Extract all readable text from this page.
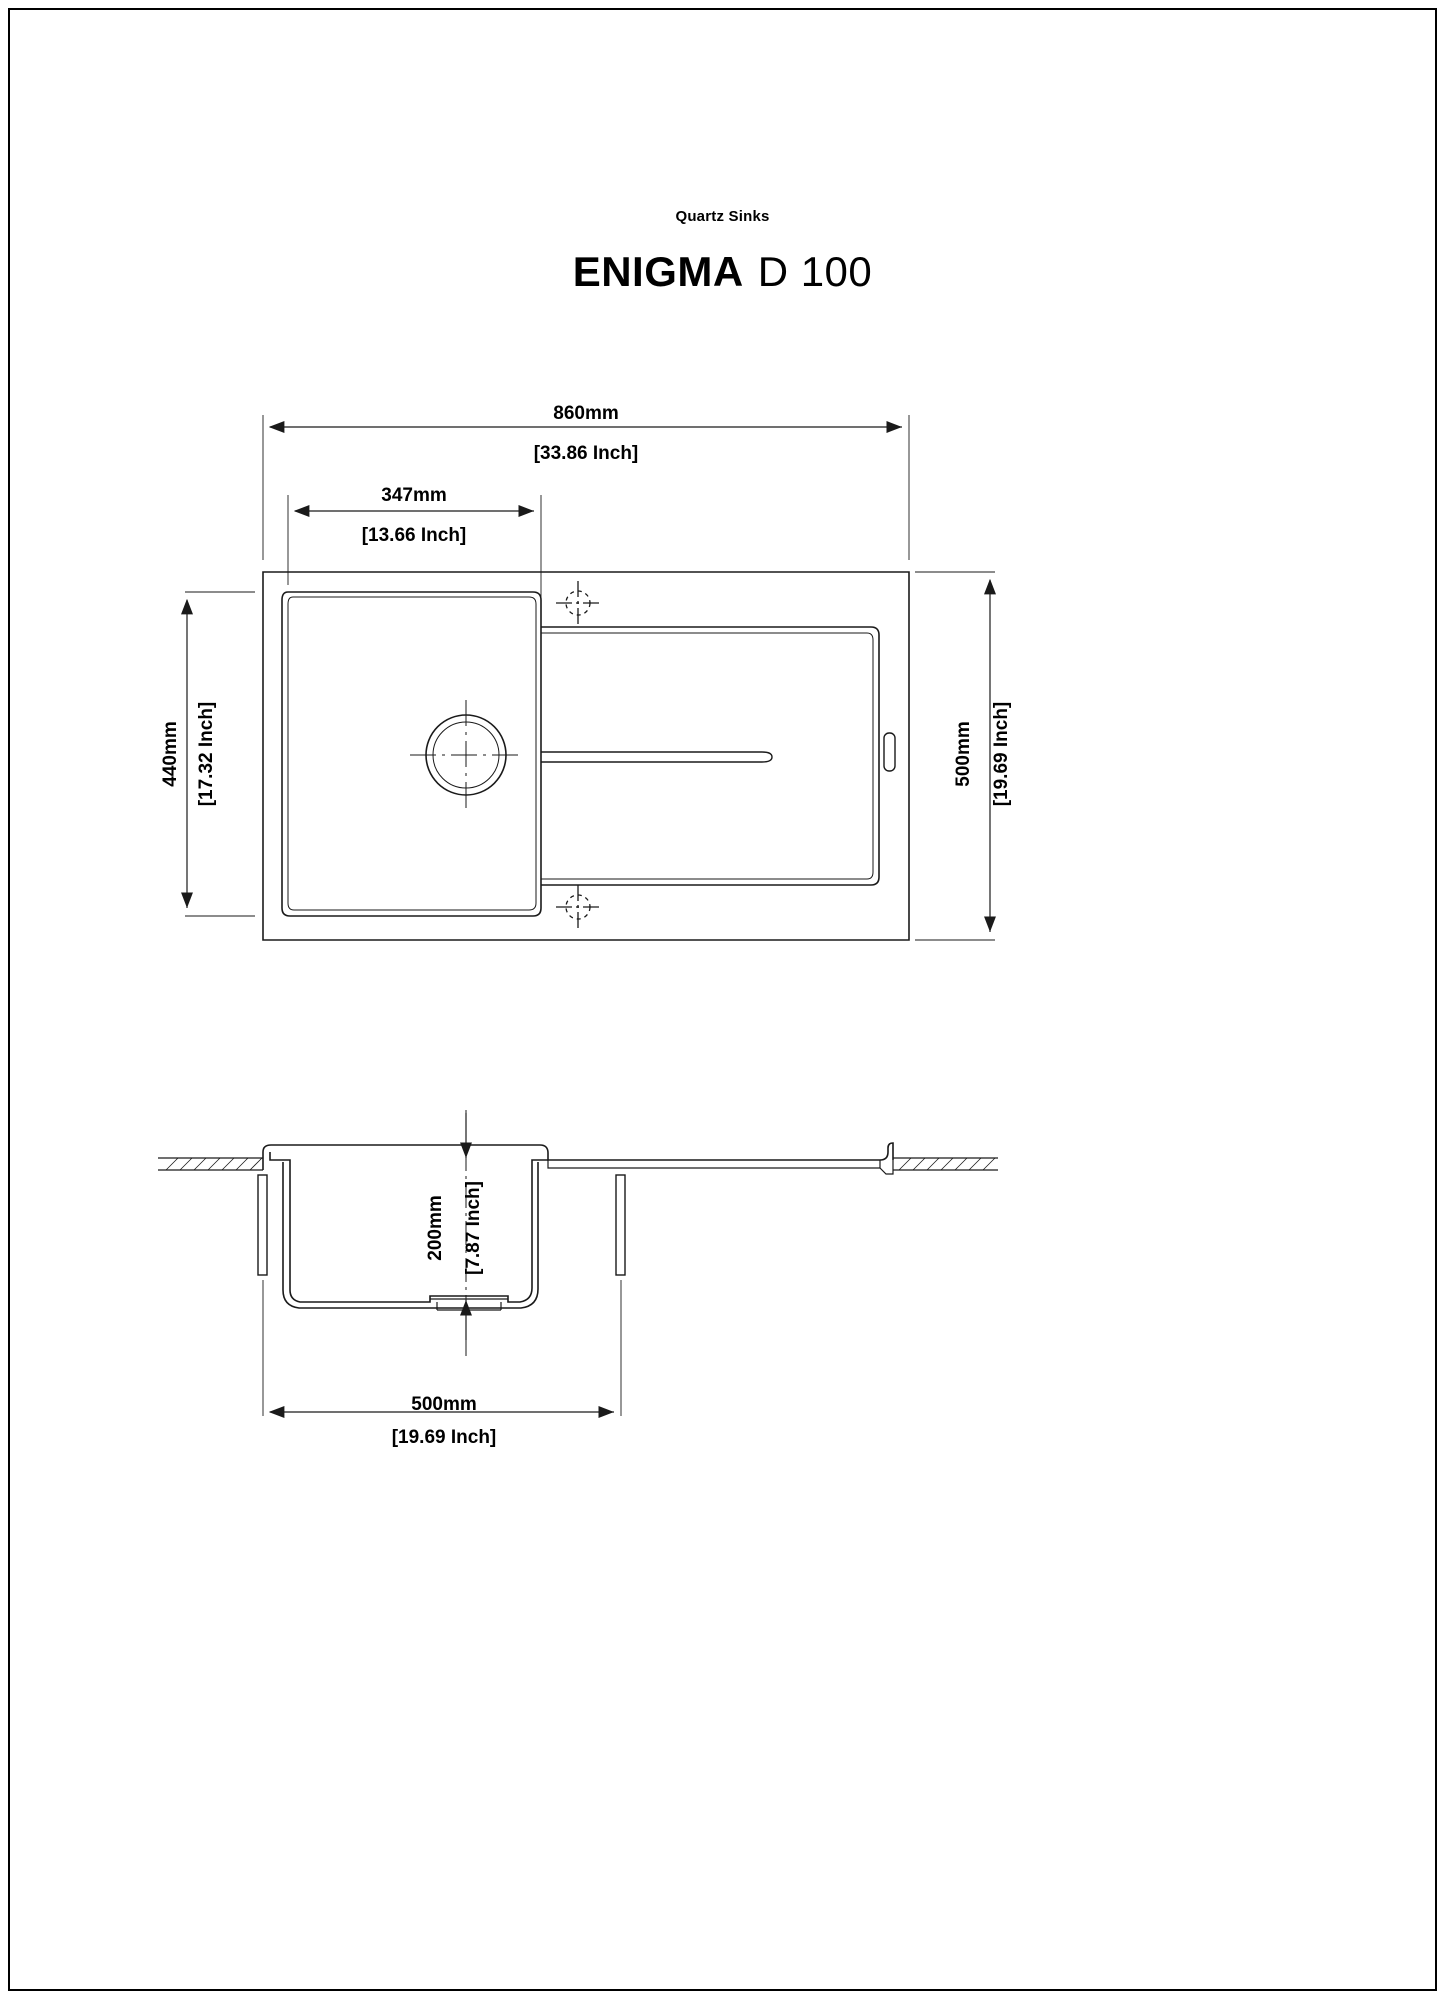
Quartz Sinks
ENIGMA D 100
860mm
[33.86 Inch]
347mm
[13.66 Inch]
440mm [17.32 Inch]	500mm [19.69 Inch]
200mm [7.87 Inch]
500mm
[19.69 Inch]
